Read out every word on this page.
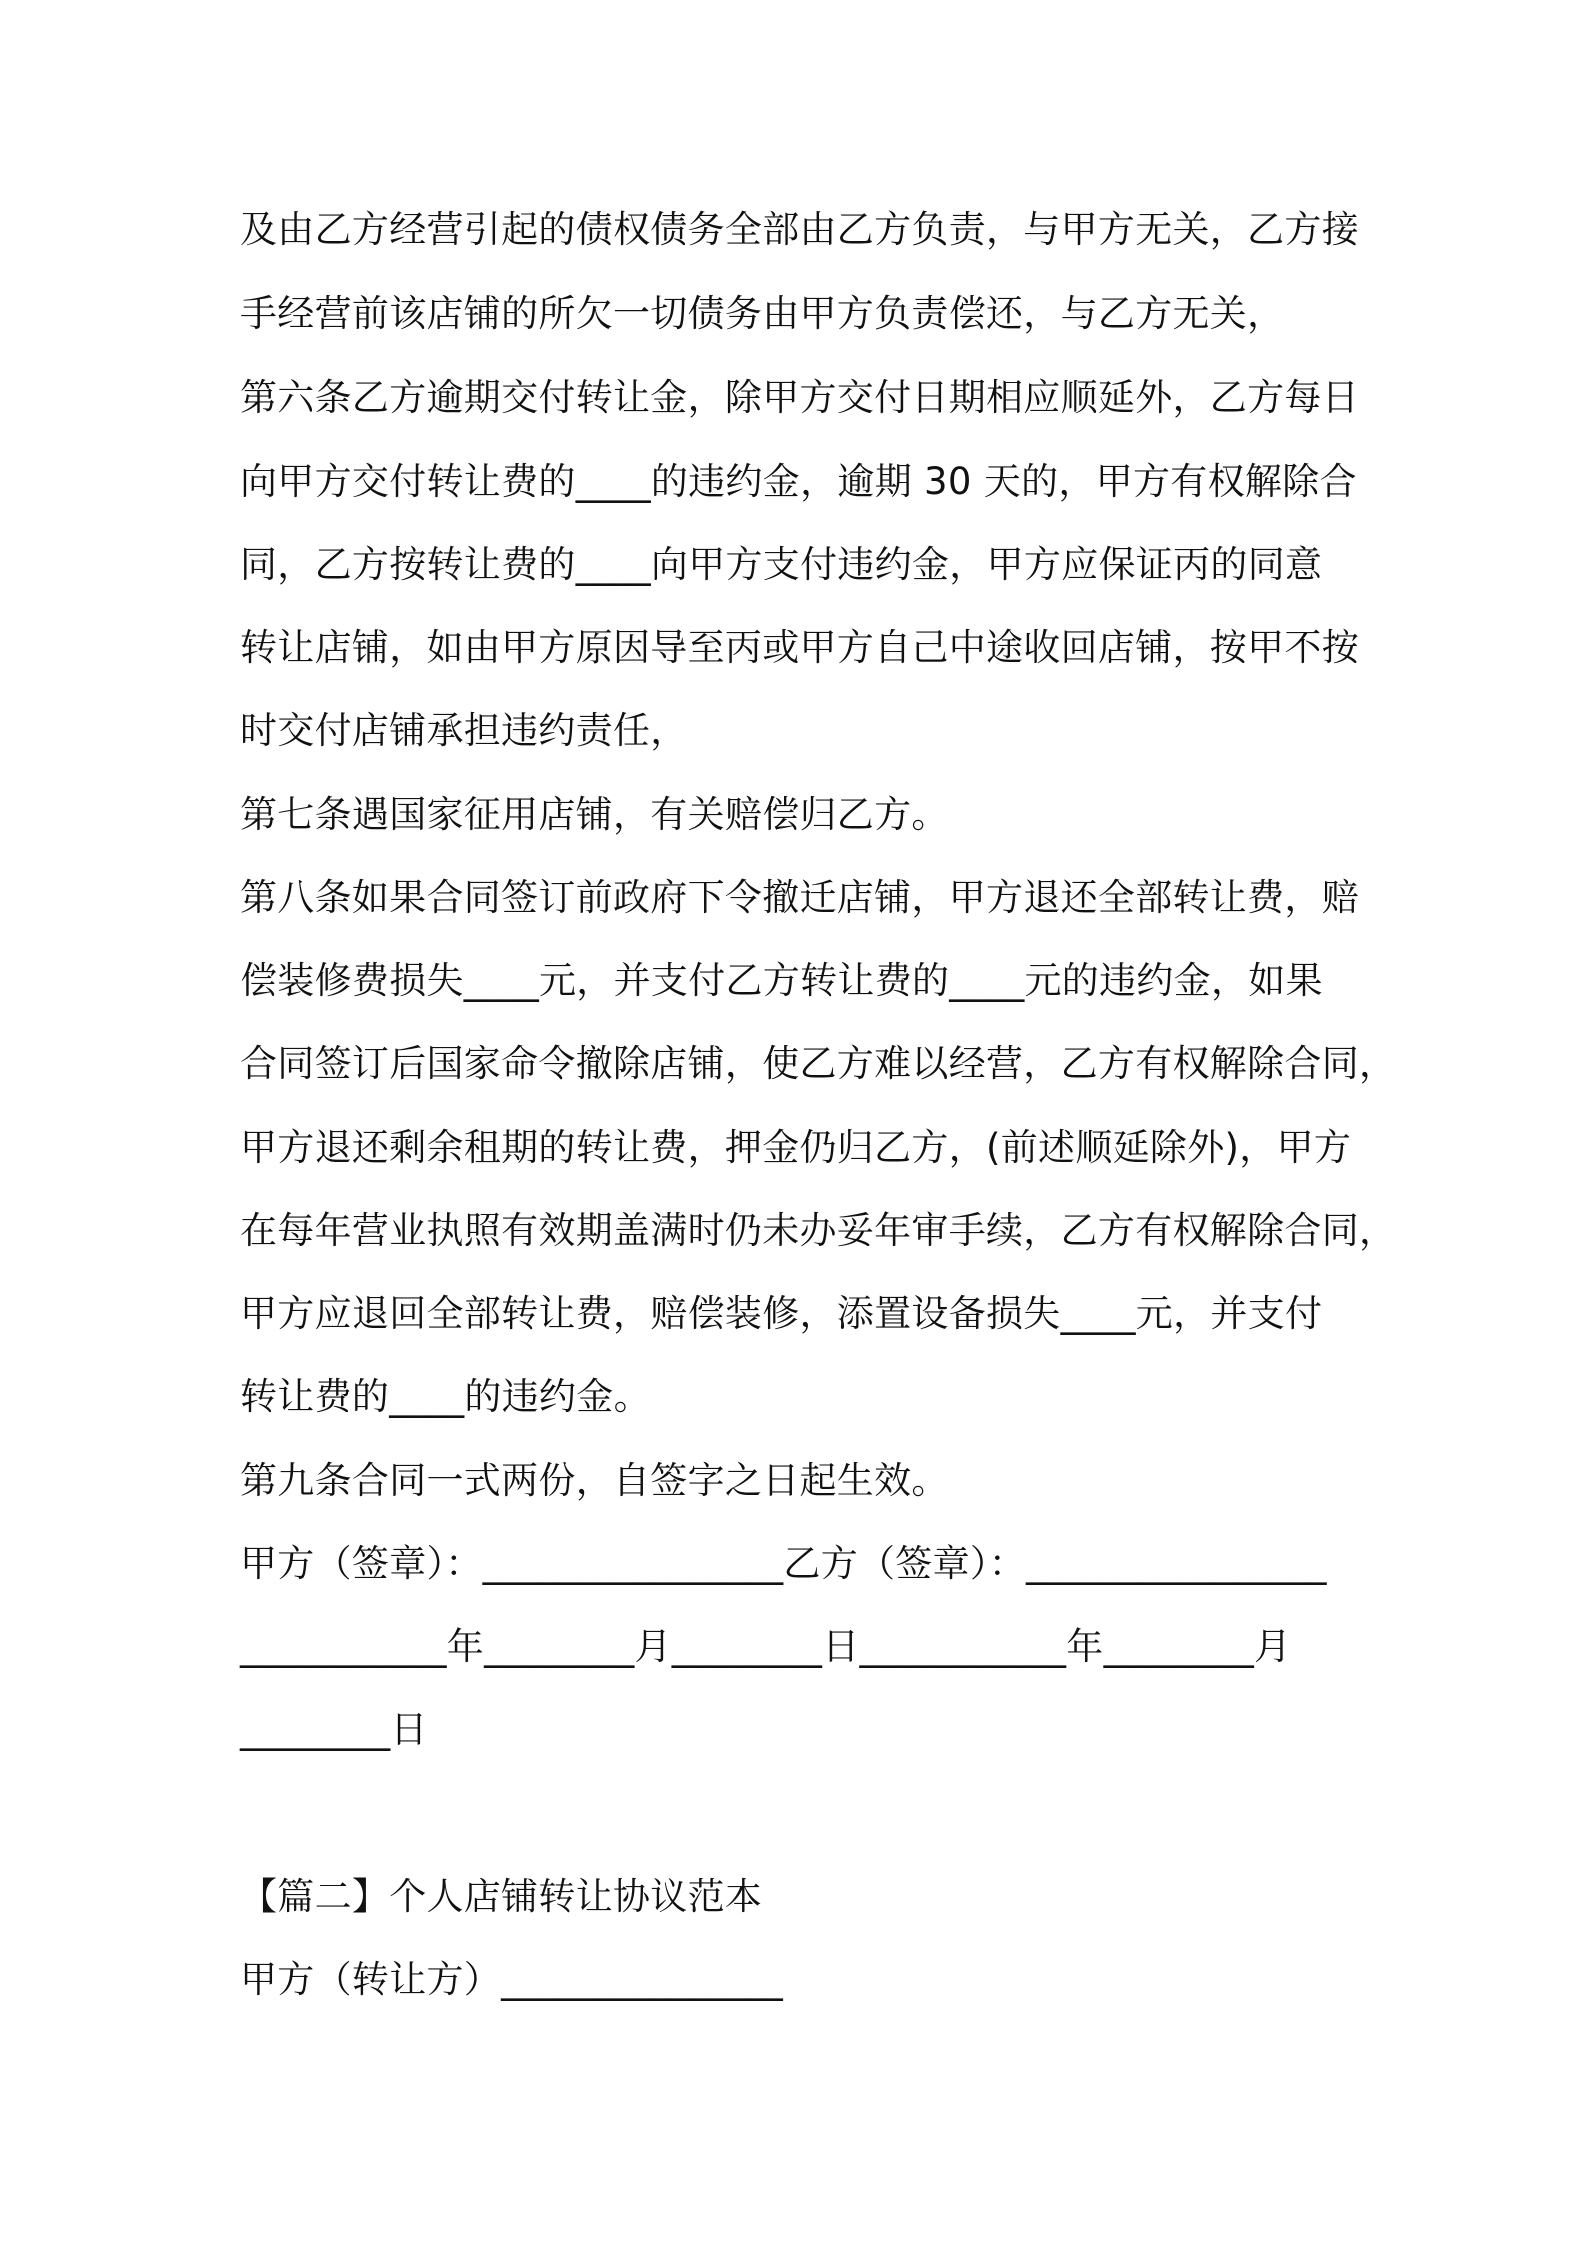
及由乙方经营引起的债权债务全部由乙方负责，与甲方无关，乙方接
手经营前该店铺的所欠一切债务由甲方负责偿还，与乙方无关，
第六条乙方逾期交付转让金，除甲方交付日期相应顺延外，乙方每日
向甲方交付转让费的____的违约金，逾期 30 天的，甲方有权解除合
同，乙方按转让费的____向甲方支付违约金，甲方应保证丙的同意
转让店铺，如由甲方原因导至丙或甲方自己中途收回店铺，按甲不按
时交付店铺承担违约责任，
第七条遇国家征用店铺，有关赔偿归乙方。
第八条如果合同签订前政府下令撤迁店铺，甲方退还全部转让费，赔
偿装修费损失____元，并支付乙方转让费的____元的违约金，如果
合同签订后国家命令撤除店铺，使乙方难以经营，乙方有权解除合同，
甲方退还剩余租期的转让费，押金仍归乙方，(前述顺延除外)，甲方
在每年营业执照有效期盖满时仍未办妥年审手续，乙方有权解除合同，
甲方应退回全部转让费，赔偿装修，添置设备损失____元，并支付
转让费的____的违约金。
第九条合同一式两份，自签字之日起生效。
甲方（签章）：________________乙方（签章）：________________
___________年________月________日___________年________月
________日
【篇二】个人店铺转让协议范本
甲方（转让方）_______________
